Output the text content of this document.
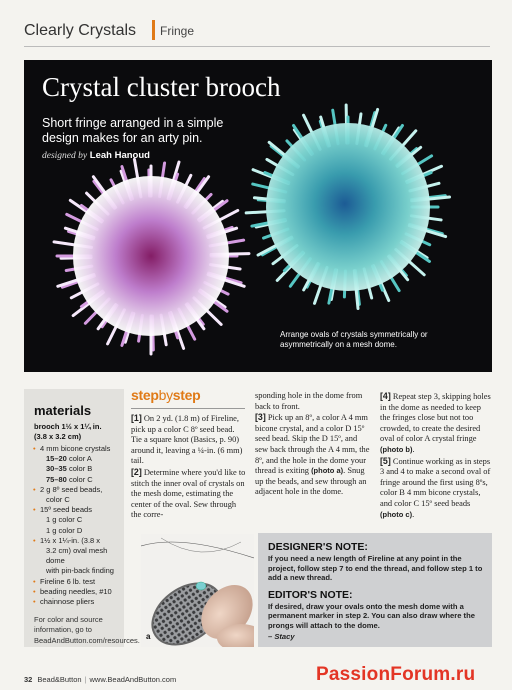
Clearly Crystals Fringe
Crystal cluster brooch
Short fringe arranged in a simple design makes for an arty pin.
designed by Leah Hanoud
Arrange ovals of crystals symmetrically or asymmetrically on a mesh dome.
materials
brooch 1½ x 1¼ in. (3.8 x 3.2 cm)
• 4 mm bicone crystals
15–20 color A
30–35 color B
75–80 color C
• 2 g 8º seed beads,
color C
• 15º seed beads
1 g color C
1 g color D
• 1½ x 1¼-in. (3.8 x
3.2 cm) oval mesh dome
with pin-back finding
• Fireline 6 lb. test
• beading needles, #10
• chainnose pliers
For color and source information, go to BeadAndButton.com/resources.
stepbystep
[1] On 2 yd. (1.8 m) of Fireline, pick up a color C 8º seed bead. Tie a square knot (Basics, p. 90) around it, leaving a ¼-in. (6 mm) tail.
[2] Determine where you'd like to stitch the inner oval of crystals on the mesh dome, estimating the center of the oval. Sew through the corre-
sponding hole in the dome from back to front.
[3] Pick up an 8º, a color A 4 mm bicone crystal, and a color D 15º seed bead. Skip the D 15º, and sew back through the A 4 mm, the 8º, and the hole in the dome your thread is exiting (photo a). Snug up the beads, and sew through an adjacent hole in the dome.
[4] Repeat step 3, skipping holes in the dome as needed to keep the fringes close but not too crowded, to create the desired oval of color A crystal fringe (photo b).
[5] Continue working as in steps 3 and 4 to make a second oval of fringe around the first using 8ºs, color B 4 mm bicone crystals, and color C 15º seed beads (photo c).
a
DESIGNER'S NOTE:
If you need a new length of Fireline at any point in the project, follow step 7 to end the thread, and follow step 1 to add a new thread.
EDITOR'S NOTE:
If desired, draw your ovals onto the mesh dome with a permanent marker in step 2. You can also draw where the prongs will attach to the dome.
– Stacy
32 Bead&Button | www.BeadAndButton.com	PassionForum.ru
